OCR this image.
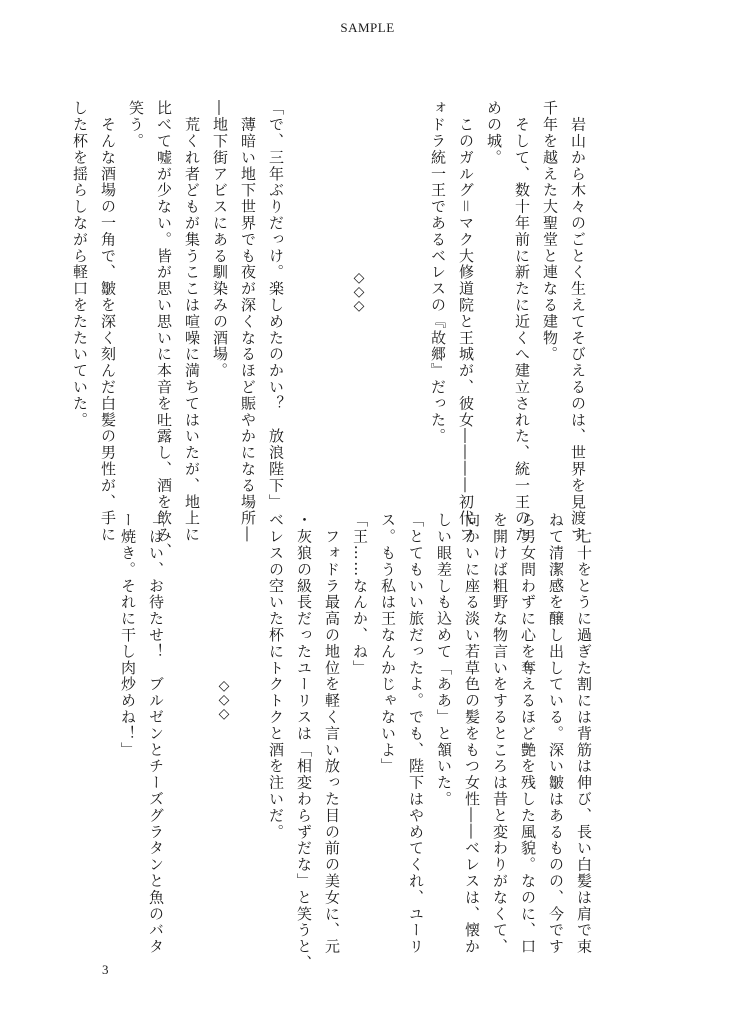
SAMPLE
　岩山から木々のごとく生えてそびえるのは、世界を見渡す
千年を越えた大聖堂と連なる建物。
　そして、数十年前に新たに近くへ建立された、統一王のた
めの城。
　このガルグ＝マク大修道院と王城が、彼女――――初代フ
ォドラ統一王であるベレスの『故郷』だった。
◇◇◇
「で、三年ぶりだっけ。楽しめたのかい？　放浪陛下」
　薄暗い地下世界でも夜が深くなるほど賑やかになる場所―
―地下街アビスにある馴染みの酒場。
　荒くれ者どもが集うここは喧噪に満ちてはいたが、地上に
比べて嘘が少ない。皆が思い思いに本音を吐露し、酒を飲み、
笑う。
　そんな酒場の一角で、皺を深く刻んだ白髪の男性が、手に
した杯を揺らしながら軽口をたたいていた。
　七十をとうに過ぎた割には背筋は伸び、長い白髪は肩で束
ねて清潔感を醸し出している。深い皺はあるものの、今です
ら男女問わずに心を奪えるほど艶を残した風貌。なのに、口
を開けば粗野な物言いをするところは昔と変わりがなくて、
向かいに座る淡い若草色の髪をもつ女性――ベレスは、懐か
しい眼差しも込めて「ああ」と頷いた。
「とてもいい旅だったよ。でも、陛下はやめてくれ、ユーリ
ス。もう私は王なんかじゃないよ」
「王……なんか、ね」
　フォドラ最高の地位を軽く言い放った目の前の美女に、元
・灰狼の級長だったユーリスは「相変わらずだな」と笑うと、
ベレスの空いた杯にトクトクと酒を注いだ。
◇◇◇
「はい、お待たせ！　ブルゼンとチーズグラタンと魚のバタ
ー焼き。それに干し肉炒めね！」
3
